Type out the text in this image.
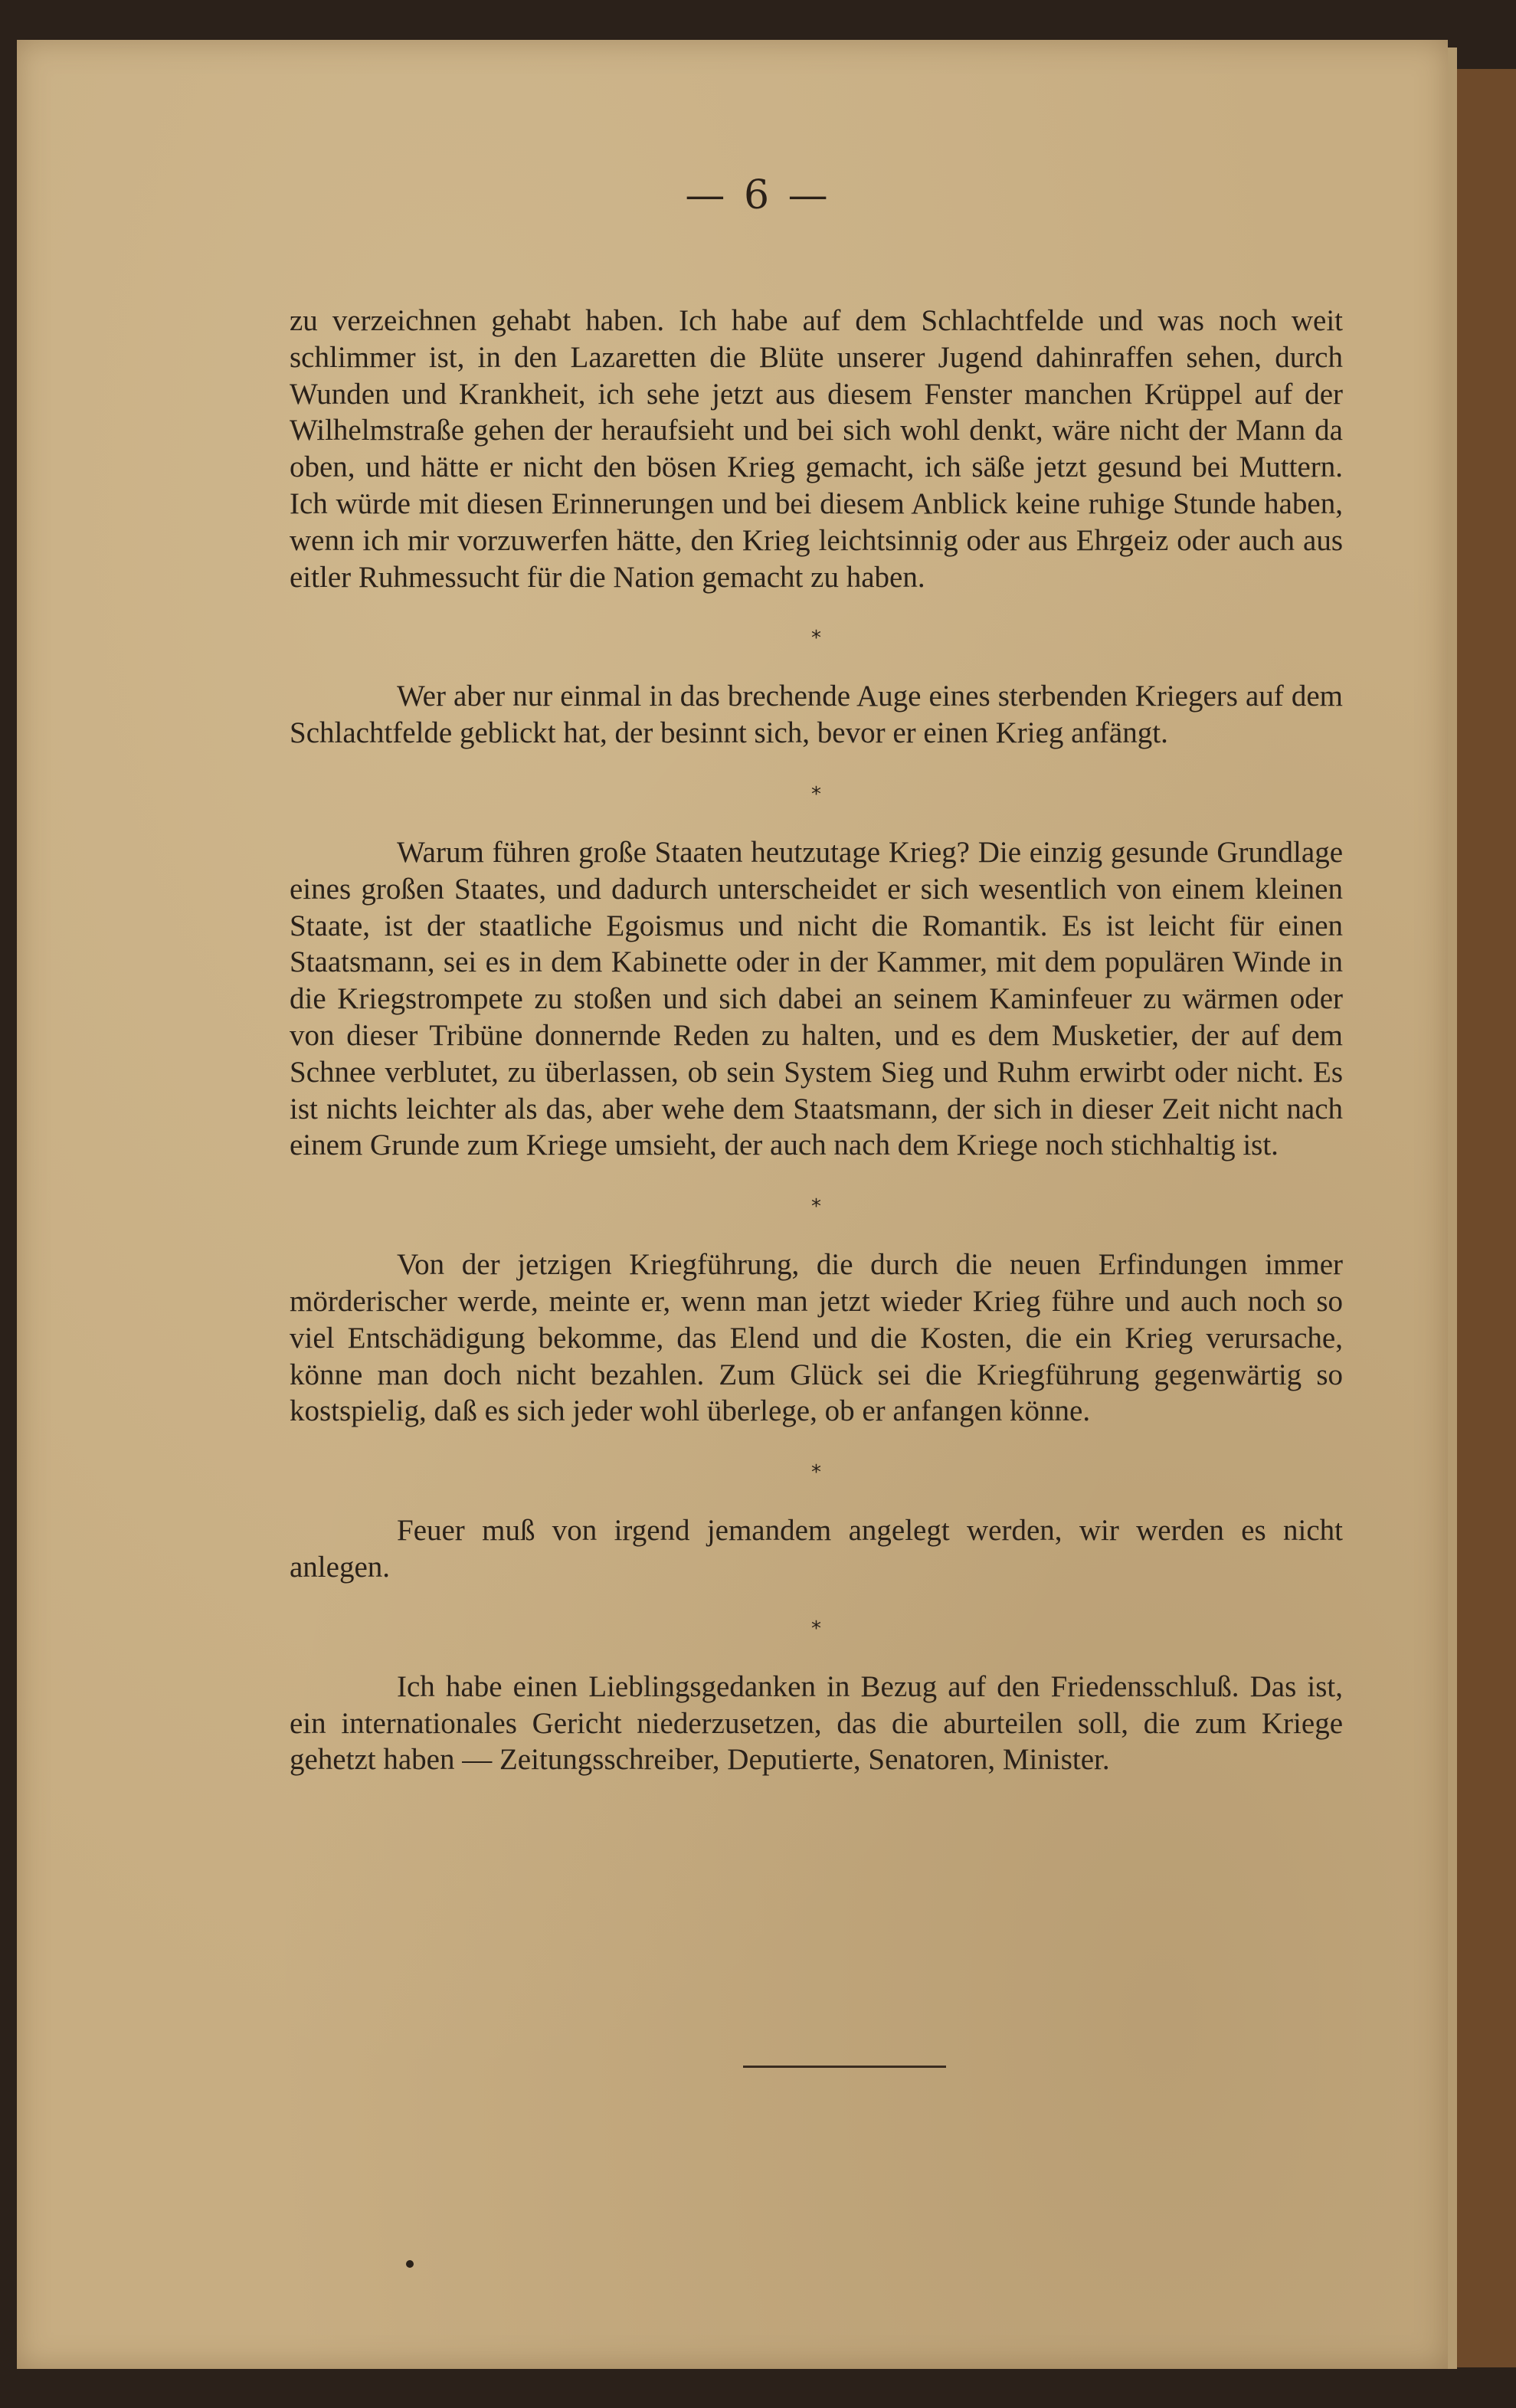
— 6 —

zu verzeichnen gehabt haben. Ich habe auf dem Schlachtfelde und was noch weit schlimmer ist, in den Lazaretten die Blüte unserer Jugend dahinraffen sehen, durch Wunden und Krankheit, ich sehe jetzt aus diesem Fenster manchen Krüppel auf der Wilhelmstraße gehen der heraufsieht und bei sich wohl denkt, wäre nicht der Mann da oben, und hätte er nicht den bösen Krieg gemacht, ich säße jetzt gesund bei Muttern. Ich würde mit diesen Erinnerungen und bei diesem Anblick keine ruhige Stunde haben, wenn ich mir vorzuwerfen hätte, den Krieg leichtsinnig oder aus Ehrgeiz oder auch aus eitler Ruhmessucht für die Nation gemacht zu haben.

*

Wer aber nur einmal in das brechende Auge eines sterbenden Kriegers auf dem Schlachtfelde geblickt hat, der besinnt sich, bevor er einen Krieg anfängt.

*

Warum führen große Staaten heutzutage Krieg? Die einzig gesunde Grundlage eines großen Staates, und dadurch unterscheidet er sich wesentlich von einem kleinen Staate, ist der staatliche Egoismus und nicht die Romantik. Es ist leicht für einen Staatsmann, sei es in dem Kabinette oder in der Kammer, mit dem populären Winde in die Kriegstrompete zu stoßen und sich dabei an seinem Kaminfeuer zu wärmen oder von dieser Tribüne donnernde Reden zu halten, und es dem Musketier, der auf dem Schnee verblutet, zu überlassen, ob sein System Sieg und Ruhm erwirbt oder nicht. Es ist nichts leichter als das, aber wehe dem Staatsmann, der sich in dieser Zeit nicht nach einem Grunde zum Kriege umsieht, der auch nach dem Kriege noch stichhaltig ist.

*

Von der jetzigen Kriegführung, die durch die neuen Erfindungen immer mörderischer werde, meinte er, wenn man jetzt wieder Krieg führe und auch noch so viel Entschädigung bekomme, das Elend und die Kosten, die ein Krieg verursache, könne man doch nicht bezahlen. Zum Glück sei die Kriegführung gegenwärtig so kostspielig, daß es sich jeder wohl überlege, ob er anfangen könne.

*

Feuer muß von irgend jemandem angelegt werden, wir werden es nicht anlegen.

*

Ich habe einen Lieblingsgedanken in Bezug auf den Friedensschluß. Das ist, ein internationales Gericht niederzusetzen, das die aburteilen soll, die zum Kriege gehetzt haben — Zeitungsschreiber, Deputierte, Senatoren, Minister.
